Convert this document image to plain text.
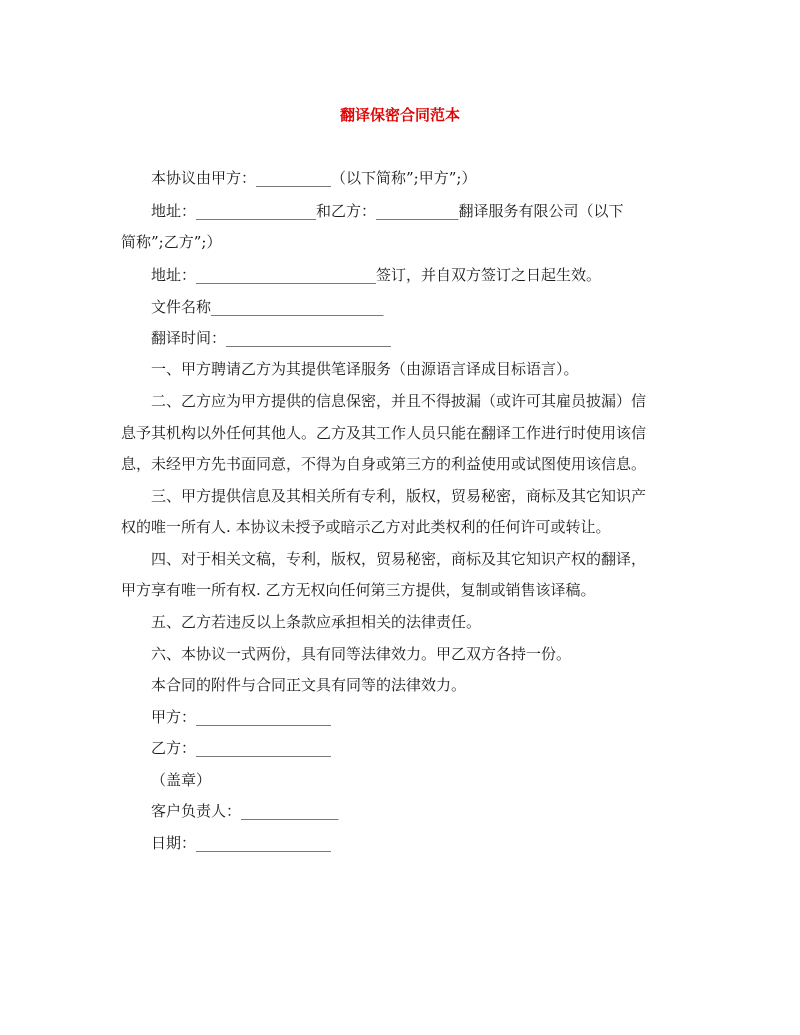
翻译保密合同范本
本协议由甲方：__________（以下简称”;甲方”;）
地址：________________和乙方：___________翻译服务有限公司（以下
简称”;乙方”;）
地址：________________________签订，并自双方签订之日起生效。
文件名称_______________________
翻译时间：______________________
一、甲方聘请乙方为其提供笔译服务（由源语言译成目标语言）。
二、乙方应为甲方提供的信息保密，并且不得披漏（或许可其雇员披漏）信
息予其机构以外任何其他人。乙方及其工作人员只能在翻译工作进行时使用该信
息，未经甲方先书面同意，不得为自身或第三方的利益使用或试图使用该信息。
三、甲方提供信息及其相关所有专利，版权，贸易秘密，商标及其它知识产
权的唯一所有人. 本协议未授予或暗示乙方对此类权利的任何许可或转让。
四、对于相关文稿，专利，版权，贸易秘密，商标及其它知识产权的翻译，
甲方享有唯一所有权. 乙方无权向任何第三方提供，复制或销售该译稿。
五、乙方若违反以上条款应承担相关的法律责任。
六、本协议一式两份，具有同等法律效力。甲乙双方各持一份。
本合同的附件与合同正文具有同等的法律效力。
甲方：__________________
乙方：__________________
（盖章）
客户负责人：_____________
日期：__________________
